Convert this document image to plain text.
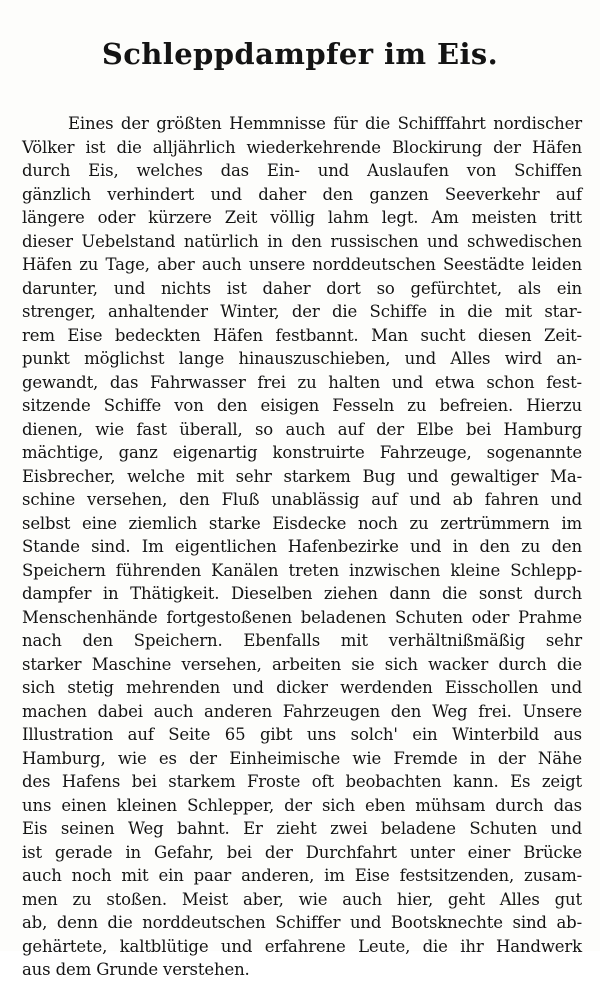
Schleppdampfer im Eis.
Eines der größten Hemmnisse für die Schifffahrt nordischer
Völker ist die alljährlich wiederkehrende Blockirung der Häfen
durch Eis, welches das Ein- und Auslaufen von Schiffen
gänzlich verhindert und daher den ganzen Seeverkehr auf
längere oder kürzere Zeit völlig lahm legt. Am meisten tritt
dieser Uebelstand natürlich in den russischen und schwedischen
Häfen zu Tage, aber auch unsere norddeutschen Seestädte leiden
darunter, und nichts ist daher dort so gefürchtet, als ein
strenger, anhaltender Winter, der die Schiffe in die mit star-
rem Eise bedeckten Häfen festbannt. Man sucht diesen Zeit-
punkt möglichst lange hinauszuschieben, und Alles wird an-
gewandt, das Fahrwasser frei zu halten und etwa schon fest-
sitzende Schiffe von den eisigen Fesseln zu befreien. Hierzu
dienen, wie fast überall, so auch auf der Elbe bei Hamburg
mächtige, ganz eigenartig konstruirte Fahrzeuge, sogenannte
Eisbrecher, welche mit sehr starkem Bug und gewaltiger Ma-
schine versehen, den Fluß unablässig auf und ab fahren und
selbst eine ziemlich starke Eisdecke noch zu zertrümmern im
Stande sind. Im eigentlichen Hafenbezirke und in den zu den
Speichern führenden Kanälen treten inzwischen kleine Schlepp-
dampfer in Thätigkeit. Dieselben ziehen dann die sonst durch
Menschenhände fortgestoßenen beladenen Schuten oder Prahme
nach den Speichern. Ebenfalls mit verhältnißmäßig sehr
starker Maschine versehen, arbeiten sie sich wacker durch die
sich stetig mehrenden und dicker werdenden Eisschollen und
machen dabei auch anderen Fahrzeugen den Weg frei. Unsere
Illustration auf Seite 65 gibt uns solch' ein Winterbild aus
Hamburg, wie es der Einheimische wie Fremde in der Nähe
des Hafens bei starkem Froste oft beobachten kann. Es zeigt
uns einen kleinen Schlepper, der sich eben mühsam durch das
Eis seinen Weg bahnt. Er zieht zwei beladene Schuten und
ist gerade in Gefahr, bei der Durchfahrt unter einer Brücke
auch noch mit ein paar anderen, im Eise festsitzenden, zusam-
men zu stoßen. Meist aber, wie auch hier, geht Alles gut
ab, denn die norddeutschen Schiffer und Bootsknechte sind ab-
gehärtete, kaltblütige und erfahrene Leute, die ihr Handwerk
aus dem Grunde verstehen.
